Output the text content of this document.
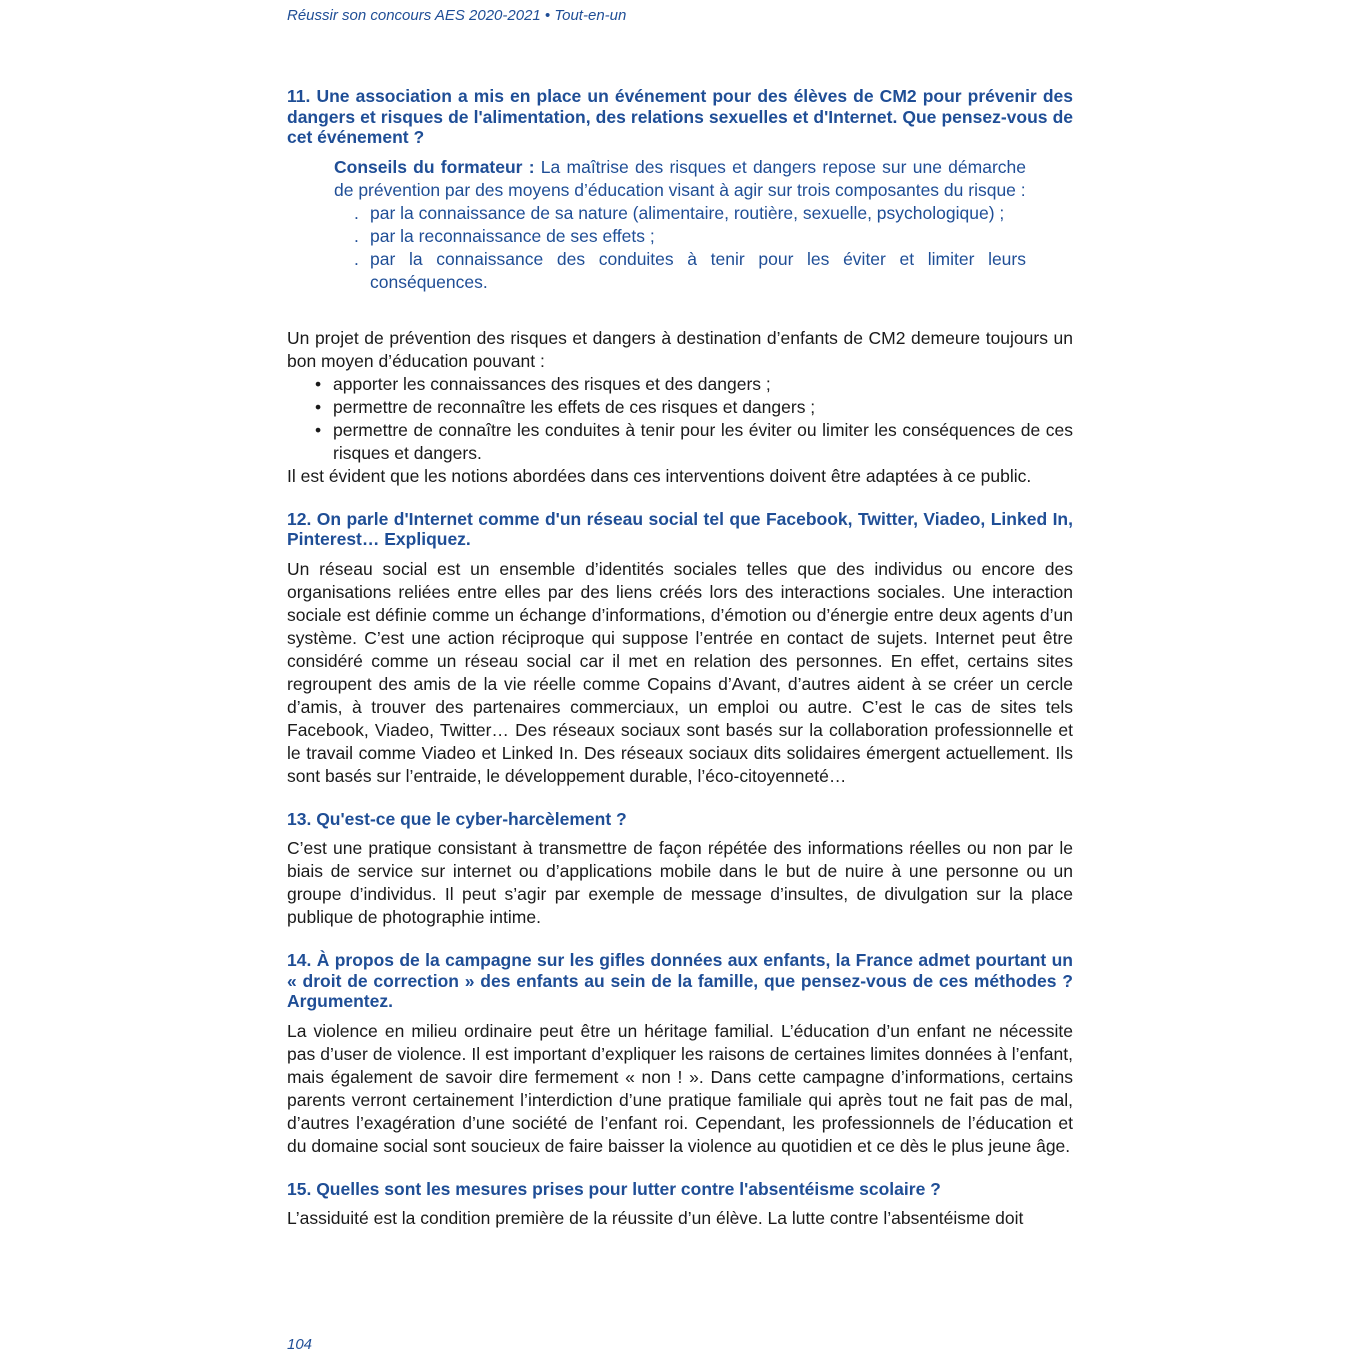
Réussir son concours AES 2020-2021 • Tout-en-un

11. Une association a mis en place un événement pour des élèves de CM2 pour prévenir des dangers et risques de l'alimentation, des relations sexuelles et d'Internet. Que pensez-vous de cet événement ?

Conseils du formateur : La maîtrise des risques et dangers repose sur une démarche de prévention par des moyens d’éducation visant à agir sur trois composantes du risque :
. par la connaissance de sa nature (alimentaire, routière, sexuelle, psychologique) ;
. par la reconnaissance de ses effets ;
. par la connaissance des conduites à tenir pour les éviter et limiter leurs conséquences.

Un projet de prévention des risques et dangers à destination d’enfants de CM2 demeure toujours un bon moyen d’éducation pouvant :

• apporter les connaissances des risques et des dangers ;
• permettre de reconnaître les effets de ces risques et dangers ;
• permettre de connaître les conduites à tenir pour les éviter ou limiter les conséquences de ces risques et dangers.

Il est évident que les notions abordées dans ces interventions doivent être adaptées à ce public.

12. On parle d'Internet comme d'un réseau social tel que Facebook, Twitter, Viadeo, Linked In, Pinterest… Expliquez.

Un réseau social est un ensemble d’identités sociales telles que des individus ou encore des organisations reliées entre elles par des liens créés lors des interactions sociales. Une interaction sociale est définie comme un échange d’informations, d’émotion ou d’énergie entre deux agents d’un système. C’est une action réciproque qui suppose l’entrée en contact de sujets. Internet peut être considéré comme un réseau social car il met en relation des personnes. En effet, certains sites regroupent des amis de la vie réelle comme Copains d’Avant, d’autres aident à se créer un cercle d’amis, à trouver des partenaires commerciaux, un emploi ou autre. C’est le cas de sites tels Facebook, Viadeo, Twitter… Des réseaux sociaux sont basés sur la collaboration professionnelle et le travail comme Viadeo et Linked In. Des réseaux sociaux dits solidaires émergent actuellement. Ils sont basés sur l’entraide, le développement durable, l’éco-citoyenneté…

13. Qu'est-ce que le cyber-harcèlement ?

C’est une pratique consistant à transmettre de façon répétée des informations réelles ou non par le biais de service sur internet ou d’applications mobile dans le but de nuire à une personne ou un groupe d’individus. Il peut s’agir par exemple de message d’insultes, de divulgation sur la place publique de photographie intime.

14. À propos de la campagne sur les gifles données aux enfants, la France admet pourtant un « droit de correction » des enfants au sein de la famille, que pensez-vous de ces méthodes ? Argumentez.

La violence en milieu ordinaire peut être un héritage familial. L’éducation d’un enfant ne nécessite pas d’user de violence. Il est important d’expliquer les raisons de certaines limites données à l’enfant, mais également de savoir dire fermement « non ! ». Dans cette campagne d’informations, certains parents verront certainement l’interdiction d’une pratique familiale qui après tout ne fait pas de mal, d’autres l’exagération d’une société de l’enfant roi. Cependant, les professionnels de l’éducation et du domaine social sont soucieux de faire baisser la violence au quotidien et ce dès le plus jeune âge.

15. Quelles sont les mesures prises pour lutter contre l'absentéisme scolaire ?

L’assiduité est la condition première de la réussite d’un élève. La lutte contre l’absentéisme doit

104
